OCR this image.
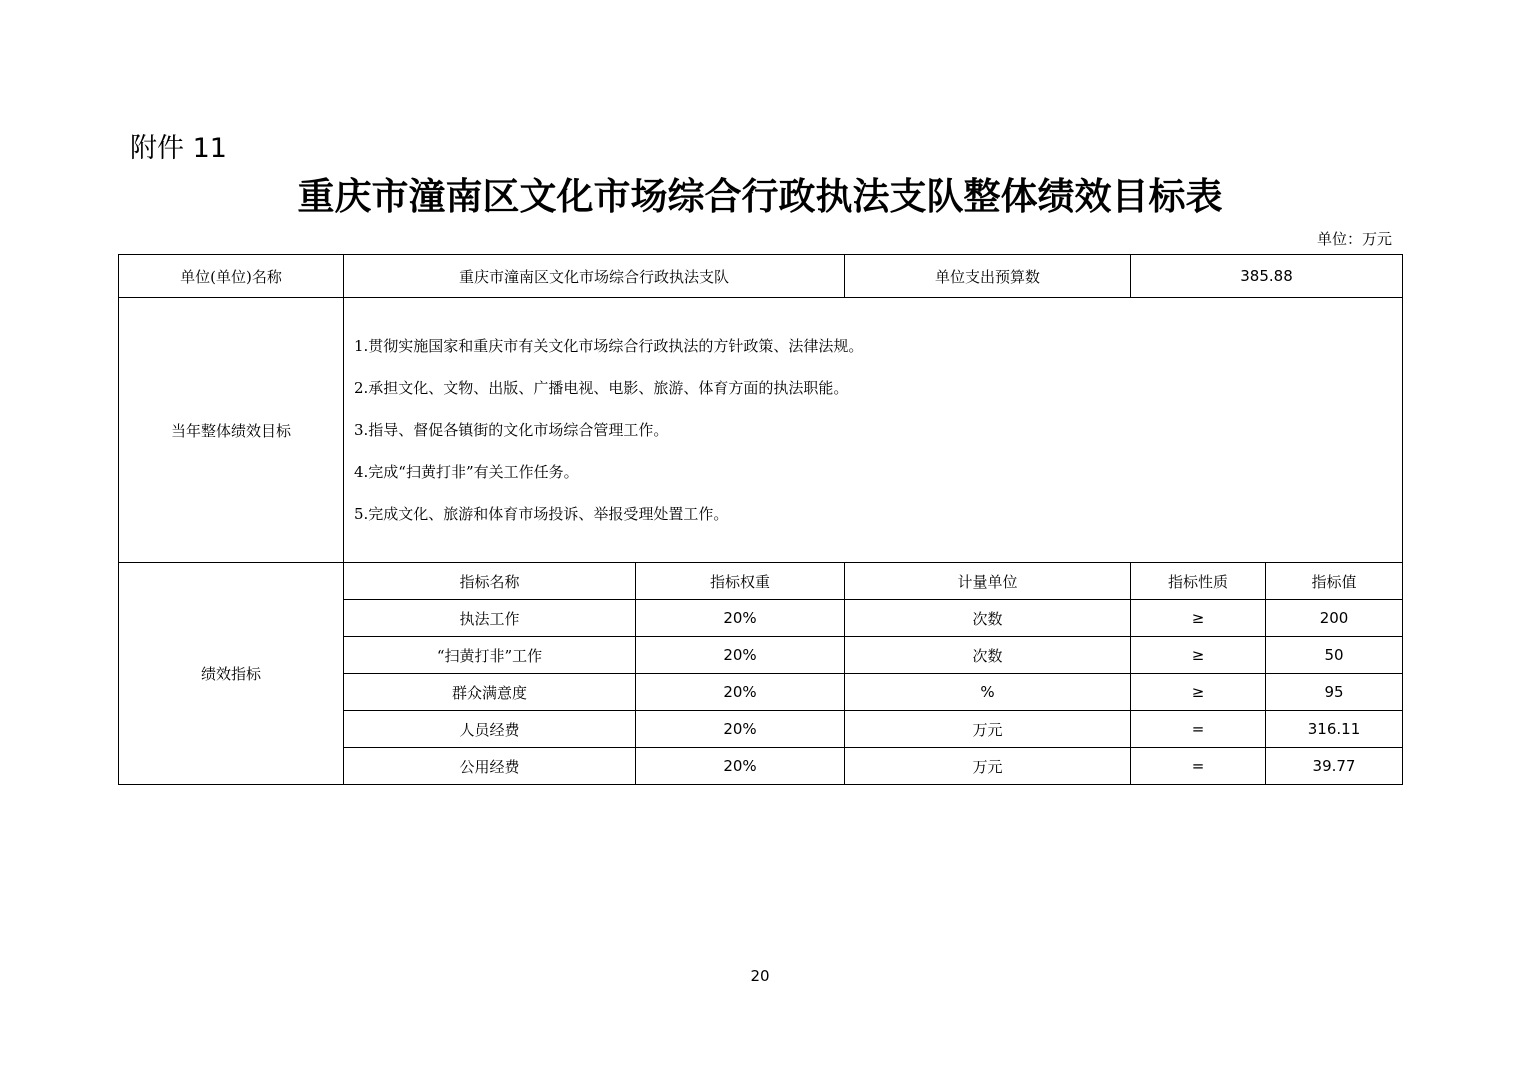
附件 11
重庆市潼南区文化市场综合行政执法支队整体绩效目标表
单位：万元
单位(单位)名称	重庆市潼南区文化市场综合行政执法支队		单位支出预算数	385.88	
当年整体绩效目标	1.贯彻实施国家和重庆市有关文化市场综合行政执法的方针政策、法律法规。
2.承担文化、文物、出版、广播电视、电影、旅游、体育方面的执法职能。
3.指导、督促各镇街的文化市场综合管理工作。
4.完成“扫黄打非”有关工作任务。
5.完成文化、旅游和体育市场投诉、举报受理处置工作。				

绩效指标	指标名称	指标权重	计量单位	指标性质	指标值
	执法工作	20%	次数	≥	200
	“扫黄打非”工作	20%	次数	≥	50
	群众满意度	20%	%	≥	95
	人员经费	20%	万元	=	316.11
	公用经费	20%	万元	=	39.77
20
